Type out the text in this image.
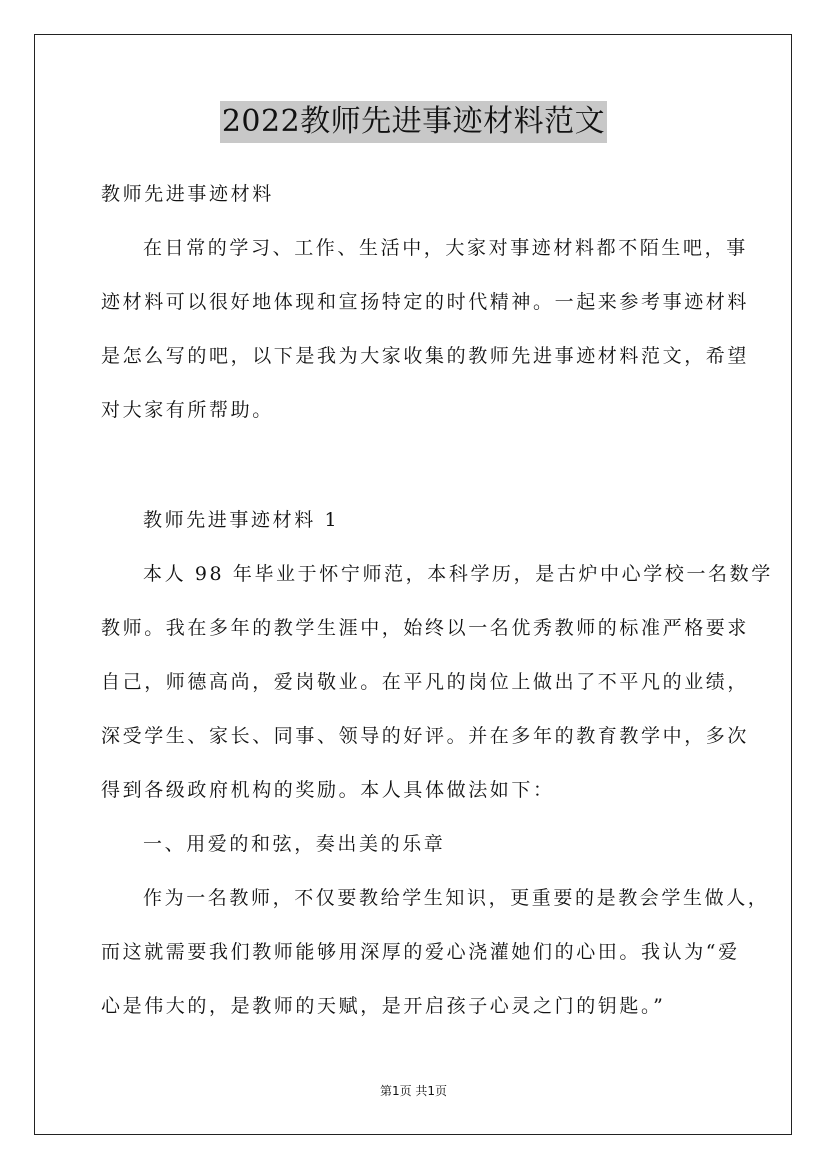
2022教师先进事迹材料范文
教师先进事迹材料
在日常的学习、工作、生活中，大家对事迹材料都不陌生吧，事
迹材料可以很好地体现和宣扬特定的时代精神。一起来参考事迹材料
是怎么写的吧，以下是我为大家收集的教师先进事迹材料范文，希望
对大家有所帮助。
教师先进事迹材料 1
本人 98 年毕业于怀宁师范，本科学历，是古炉中心学校一名数学
教师。我在多年的教学生涯中，始终以一名优秀教师的标准严格要求
自己，师德高尚，爱岗敬业。在平凡的岗位上做出了不平凡的业绩，
深受学生、家长、同事、领导的好评。并在多年的教育教学中，多次
得到各级政府机构的奖励。本人具体做法如下：
一、用爱的和弦，奏出美的乐章
作为一名教师，不仅要教给学生知识，更重要的是教会学生做人，
而这就需要我们教师能够用深厚的爱心浇灌她们的心田。我认为“爱
心是伟大的，是教师的天赋，是开启孩子心灵之门的钥匙。”
第1页 共1页
